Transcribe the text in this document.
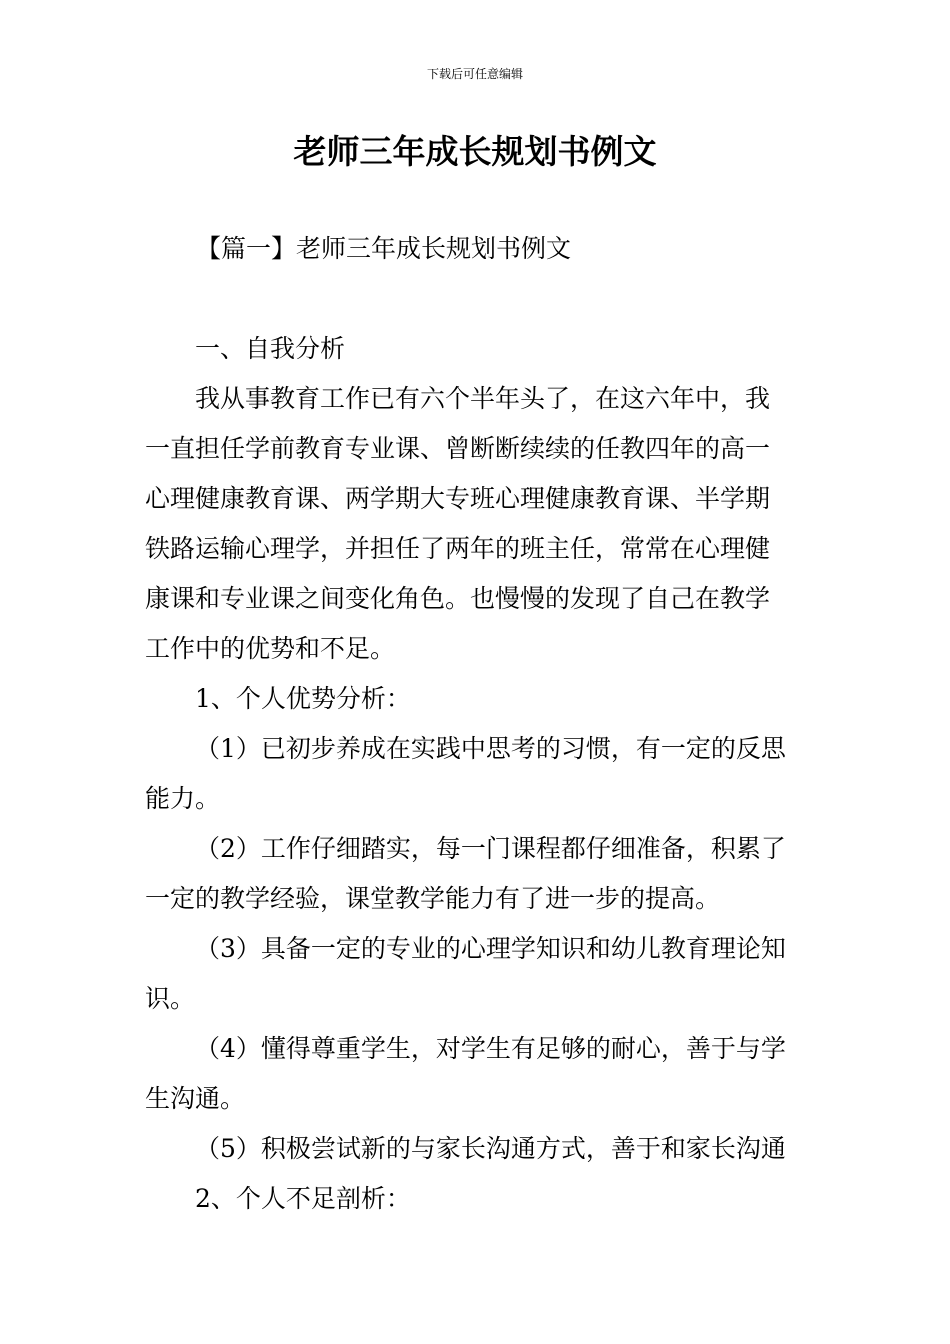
下载后可任意编辑
老师三年成长规划书例文
【篇一】老师三年成长规划书例文
一、自我分析
我从事教育工作已有六个半年头了，在这六年中，我
一直担任学前教育专业课、曾断断续续的任教四年的高一
心理健康教育课、两学期大专班心理健康教育课、半学期
铁路运输心理学，并担任了两年的班主任，常常在心理健
康课和专业课之间变化角色。也慢慢的发现了自己在教学
工作中的优势和不足。
1、个人优势分析：
（1）已初步养成在实践中思考的习惯，有一定的反思
能力。
（2）工作仔细踏实，每一门课程都仔细准备，积累了
一定的教学经验，课堂教学能力有了进一步的提高。
（3）具备一定的专业的心理学知识和幼儿教育理论知
识。
（4）懂得尊重学生，对学生有足够的耐心，善于与学
生沟通。
（5）积极尝试新的与家长沟通方式，善于和家长沟通
2、个人不足剖析：
